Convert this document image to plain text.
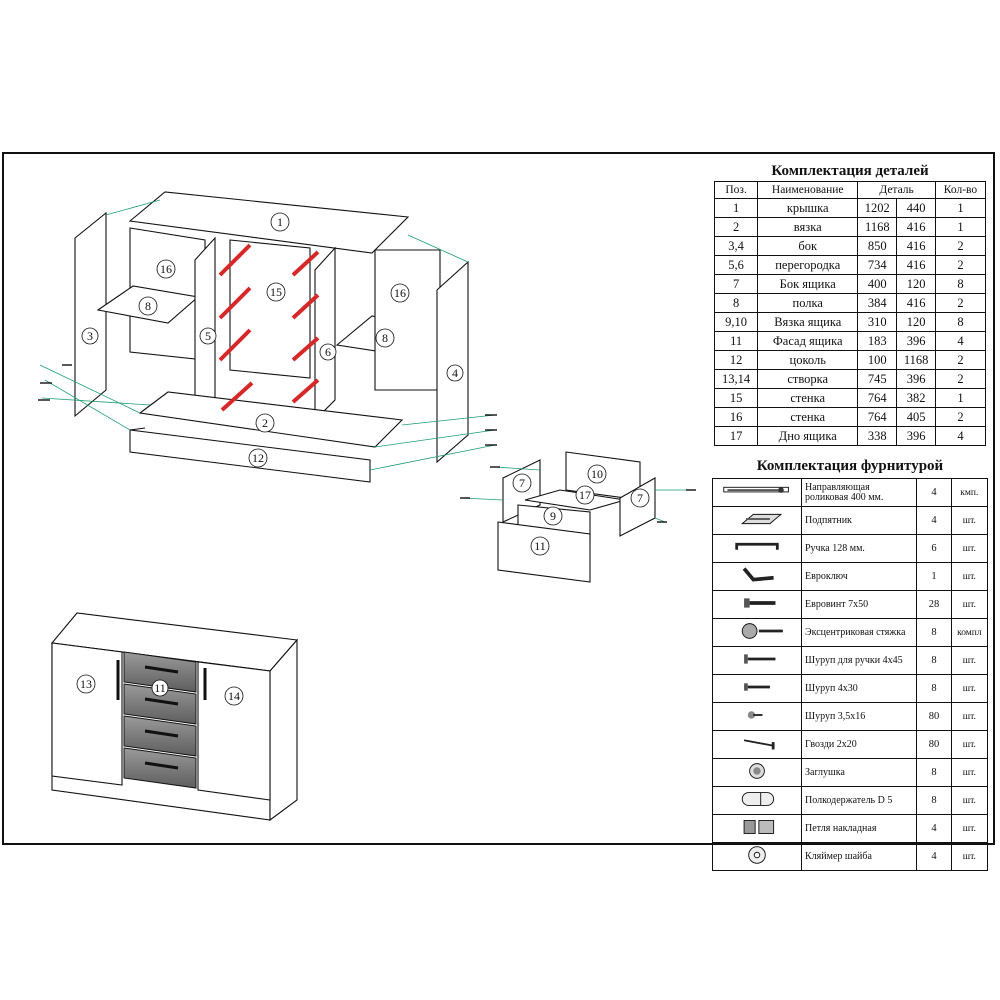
1
2
3
4
5
6
7
7
8
8
9
10
11
12
13
14
15
16
16
17
11
Комплектация деталей
Поз.	Наименование	Деталь		Кол-во
1	крышка	1202	440	1
2	вязка	1168	416	1
3,4	бок	850	416	2
5,6	перегородка	734	416	2
7	Бок ящика	400	120	8
8	полка	384	416	2
9,10	Вязка ящика	310	120	8
11	Фасад ящика	183	396	4
12	цоколь	100	1168	2
13,14	створка	745	396	2
15	стенка	764	382	1
16	стенка	764	405	2
17	Дно ящика	338	396	4
Комплектация фурнитурой
	Направляющая роликовая 400 мм.	4	кмп.
	Подпятник	4	шт.
	Ручка 128 мм.	6	шт.
	Евроключ	1	шт.
	Евровинт 7х50	28	шт.
	Эксцентриковая стяжка	8	компл
	Шуруп для ручки 4х45	8	шт.
	Шуруп 4х30	8	шт.
	Шуруп 3,5х16	80	шт.
	Гвозди 2х20	80	шт.
	Заглушка	8	шт.
	Полкодержатель D 5	8	шт.
	Петля накладная	4	шт.
	Кляймер шайба	4	шт.
